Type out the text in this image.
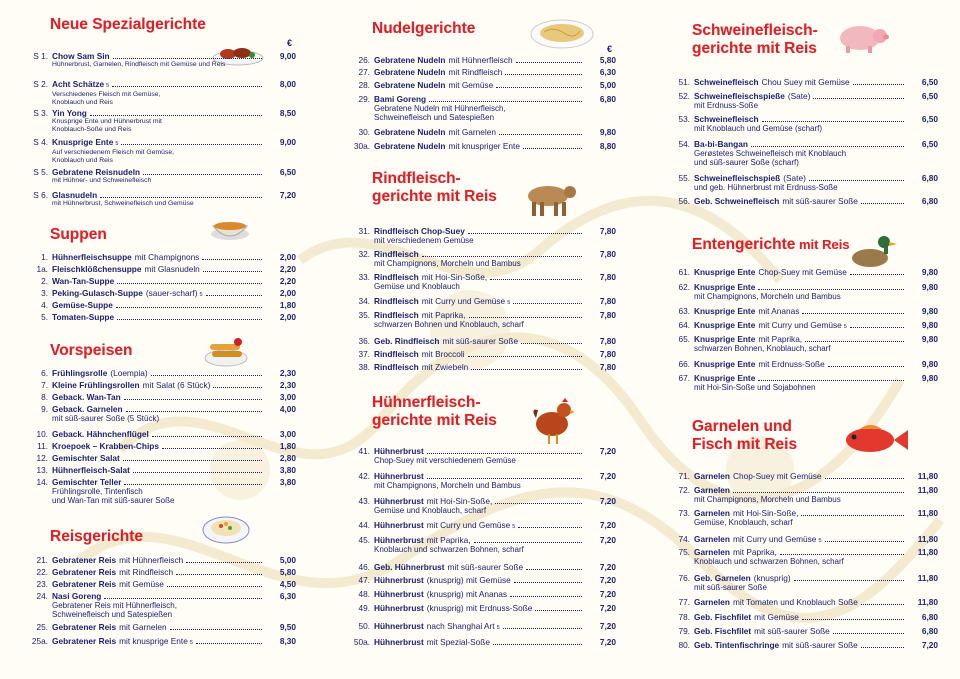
Neue Spezialgerichte
€
S 1. Chow Sam Sin
Hühnerbrust, Garnelen, Rindfleisch mit Gemüse und Reis
9,00
S 2. Acht Schätze 5
Verschiedenes Fleisch mit Gemüse,
Knoblauch und Reis
8,00
S 3. Yin Yong
Knusprige Ente und Hühnerbrust mit
Knoblauch-Soße und Reis
8,50
S 4. Knusprige Ente 5
Auf verschiedenem Fleisch mit Gemüse,
Knoblauch und Reis
9,00
S 5. Gebratene Reisnudeln
mit Hühner- und Schweinefleisch
6,50
S 6. Glasnudeln
mit Hühnerbrust, Schweinefleisch und Gemüse
7,20
Suppen
1. Hühnerfleischsuppe mit Champignons	2,00
1a. Fleischklößchensuppe mit Glasnudeln	2,20
2. Wan-Tan-Suppe	2,20
3. Peking-Gulasch-Suppe (sauer-scharf) 5	2,00
4. Gemüse-Suppe	1,80
5. Tomaten-Suppe	2,00
Vorspeisen
6. Frühlingsrolle (Loempia)	2,30
7. Kleine Frühlingsrollen mit Salat (6 Stück)	2,30
8. Geback. Wan-Tan	3,00
9. Geback. Garnelen
mit süß-saurer Soße (5 Stück)
4,00
10. Geback. Hähnchenflügel	3,00
11. Kroepoek – Krabben-Chips	1,80
12. Gemischter Salat	2,80
13. Hühnerfleisch-Salat	3,80
14. Gemischter Teller
Frühlingsrolle, Tintenfisch
und Wan-Tan mit süß-saurer Soße
3,80
Reisgerichte
21. Gebratener Reis mit Hühnerfleisch	5,00
22. Gebratener Reis mit Rindfleisch	5,80
23. Gebratener Reis mit Gemüse	4,50
24. Nasi Goreng
Gebratener Reis mit Hühnerfleisch,
Schweinefleisch und Satespießen
6,30
25. Gebratener Reis mit Garnelen	9,50
25a. Gebratener Reis mit knusprige Ente 5	8,30
Nudelgerichte
€
26. Gebratene Nudeln mit Hühnerfleisch	5,80
27. Gebratene Nudeln mit Rindfleisch	6,30
28. Gebratene Nudeln mit Gemüse	5,00
29. Bami Goreng
Gebratene Nudeln mit Hühnerfleisch,
Schweinefleisch und Satespießen
6,80
30. Gebratene Nudeln mit Garnelen	9,80
30a. Gebratene Nudeln mit knuspriger Ente	8,80
Rindfleisch-
gerichte mit Reis
31. Rindfleisch Chop-Suey
mit verschiedenem Gemüse
7,80
32. Rindfleisch
mit Champignons, Morcheln und Bambus
7,80
33. Rindfleisch mit Hoi-Sin-Soße,
Gemüse und Knoblauch
7,80
34. Rindfleisch mit Curry und Gemüse 5	7,80
35. Rindfleisch mit Paprika,
schwarzen Bohnen und Knoblauch, scharf
7,80
36. Geb. Rindfleisch mit süß-saurer Soße	7,80
37. Rindfleisch mit Broccoli	7,80
38. Rindfleisch mit Zwiebeln	7,80
Hühnerfleisch-
gerichte mit Reis
41. Hühnerbrust
Chop-Suey mit verschiedenem Gemüse
7,20
42. Hühnerbrust
mit Champignons, Morcheln und Bambus
7,20
43. Hühnerbrust mit Hoi-Sin-Soße,
Gemüse und Knoblauch, scharf
7,20
44. Hühnerbrust mit Curry und Gemüse 5	7,20
45. Hühnerbrust mit Paprika,
Knoblauch und schwarzen Bohnen, scharf
7,20
46. Geb. Hühnerbrust mit süß-saurer Soße	7,20
47. Hühnerbrust (knusprig) mit Gemüse	7,20
48. Hühnerbrust (knusprig) mit Ananas	7,20
49. Hühnerbrust (knusprig) mit Erdnuss-Soße	7,20
50. Hühnerbrust nach Shanghai Art 5	7,20
50a. Hühnerbrust mit Spezial-Soße	7,20
Schweinefleisch-
gerichte mit Reis
51. Schweinefleisch Chou Suey mit Gemüse	6,50
52. Schweinefleischspieße (Sate)
mit Erdnuss-Soße
6,50
53. Schweinefleisch
mit Knoblauch und Gemüse (scharf)
6,50
54. Ba-bi-Bangan
Gerøstetes Schweinefleisch mit Knoblauch
und süß-saurer Soße (scharf)
6,50
55. Schweinefleischspieß (Sate)
und geb. Hühnerbrust mit Erdnuss-Soße
6,80
56. Geb. Schweinefleisch mit süß-saurer Soße	6,80
Entengerichte mit Reis
61. Knusprige Ente Chop-Suey mit Gemüse	9,80
62. Knusprige Ente
mit Champignons, Morcheln und Bambus
9,80
63. Knusprige Ente mit Ananas	9,80
64. Knusprige Ente mit Curry und Gemüse 5	9,80
65. Knusprige Ente mit Paprika,
schwarzen Bohnen, Knoblauch, scharf
9,80
66. Knusprige Ente mit Erdnuss-Soße	9,80
67. Knusprige Ente
mit Hoi-Sin-Soße und Sojabohnen
9,80
Garnelen und
Fisch mit Reis
71. Garnelen Chop-Suey mit Gemüse	11,80
72. Garnelen
mit Champignons, Morcheln und Bambus
11,80
73. Garnelen mit Hoi-Sin-Soße,
Gemüse, Knoblauch, scharf
11,80
74. Garnelen mit Curry und Gemüse 5	11,80
75. Garnelen mit Paprika,
Knoblauch und schwarzen Bohnen, scharf
11,80
76. Geb. Garnelen (knusprig)
mit süß-saurer Soße
11,80
77. Garnelen mit Tomaten und Knoblauch Soße	11,80
78. Geb. Fischfilet mit Gemüse	6,80
79. Geb. Fischfilet mit süß-saurer Soße	6,80
80. Geb. Tintenfischringe mit süß-saurer Soße	7,20
